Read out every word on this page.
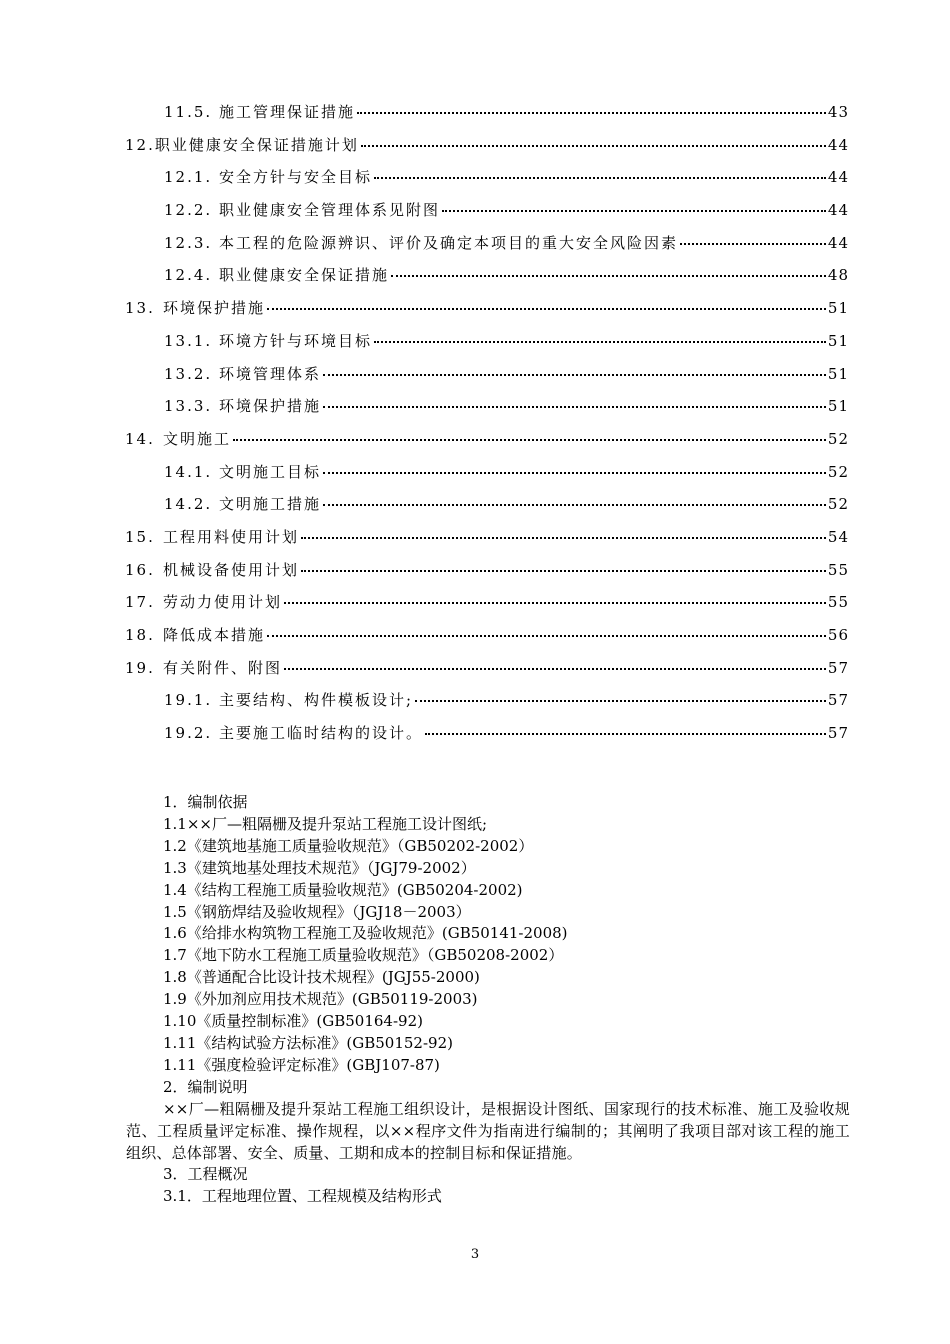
11.5. 施工管理保证措施	43
12. 职业健康安全保证措施计划	44
12.1. 安全方针与安全目标	44
12.2. 职业健康安全管理体系见附图	44
12.3. 本工程的危险源辨识、评价及确定本项目的重大安全风险因素	44
12.4. 职业健康安全保证措施	48
13. 环境保护措施	51
13.1. 环境方针与环境目标	51
13.2. 环境管理体系	51
13.3. 环境保护措施	51
14. 文明施工	52
14.1. 文明施工目标	52
14.2. 文明施工措施	52
15. 工程用料使用计划	54
16. 机械设备使用计划	55
17. 劳动力使用计划	55
18. 降低成本措施	56
19. 有关附件、附图	57
19.1. 主要结构、构件模板设计;	57
19.2. 主要施工临时结构的设计。	57
1．编制依据
1.1××厂—粗隔栅及提升泵站工程施工设计图纸;
1.2《建筑地基施工质量验收规范》（GB50202-2002）
1.3《建筑地基处理技术规范》（JGJ79-2002）
1.4《结构工程施工质量验收规范》(GB50204-2002)
1.5《钢筋焊结及验收规程》（JGJ18－2003）
1.6《给排水构筑物工程施工及验收规范》(GB50141-2008)
1.7《地下防水工程施工质量验收规范》（GB50208-2002）
1.8《普通配合比设计技术规程》(JGJ55-2000)
1.9《外加剂应用技术规范》(GB50119-2003)
1.10《质量控制标准》(GB50164-92)
1.11《结构试验方法标准》(GB50152-92)
1.11《强度检验评定标准》(GBJ107-87)
2．编制说明
××厂—粗隔栅及提升泵站工程施工组织设计，是根据设计图纸、国家现行的技术标准、施工及验收规范、工程质量评定标准、操作规程，以××程序文件为指南进行编制的；其阐明了我项目部对该工程的施工组织、总体部署、安全、质量、工期和成本的控制目标和保证措施。
3．工程概况
3.1．工程地理位置、工程规模及结构形式
3
